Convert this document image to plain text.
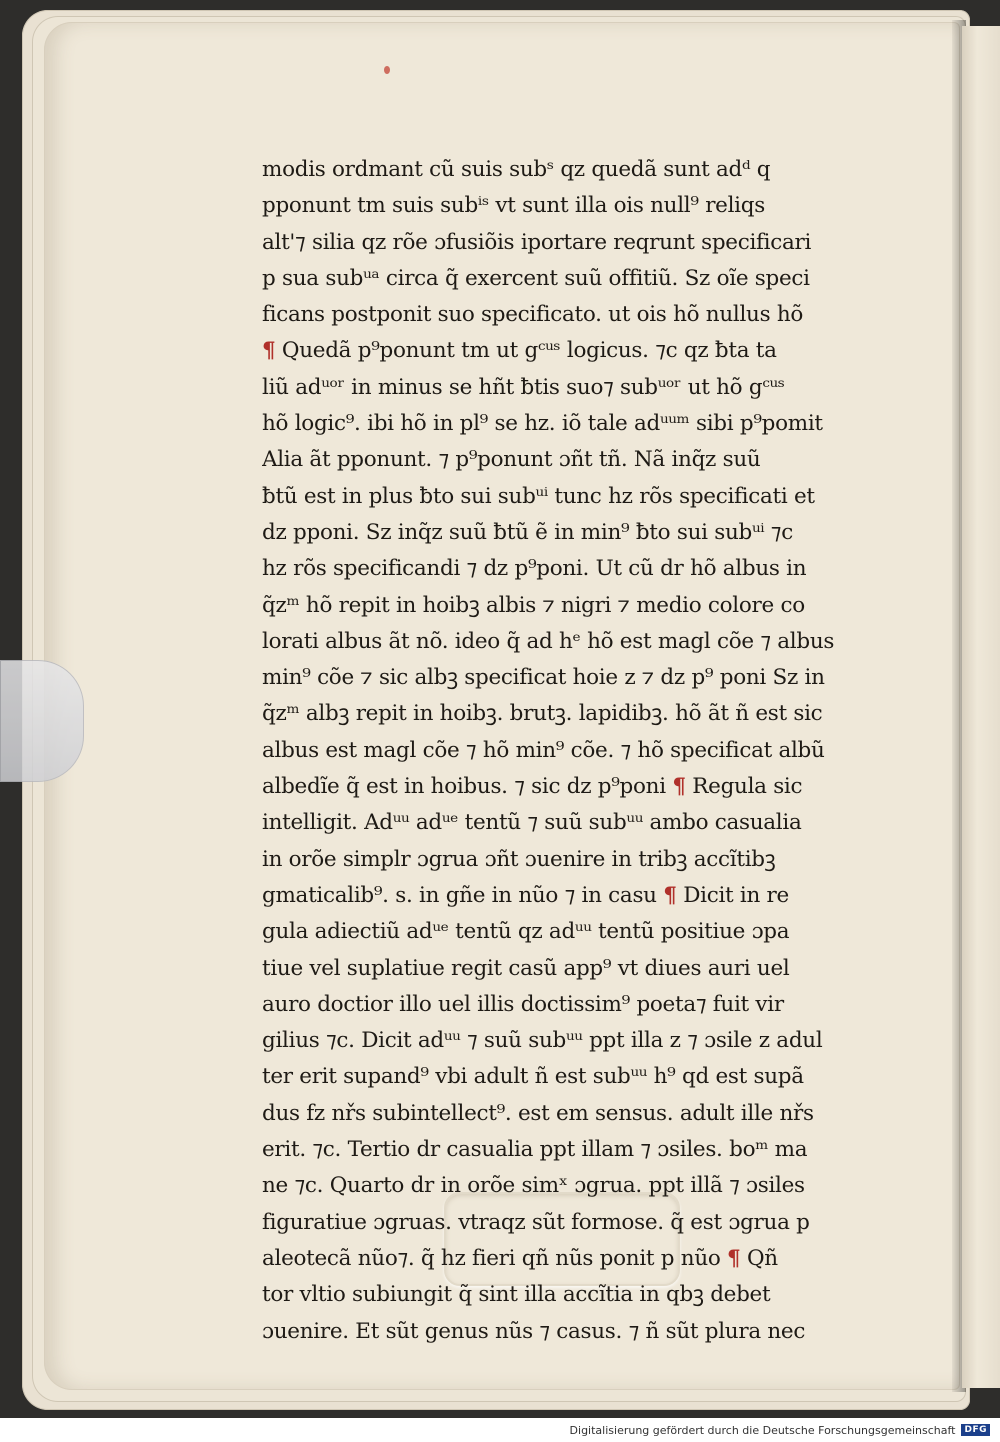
modis ordmant cũ suis subˢ qz quedã sunt adᵈ q
pponunt tm suis subⁱˢ vt sunt illa ois null⁹ reliqs
alt'⁊ silia qz rõe ɔfusiõis iportare reqrunt specificari
p sua subᵘᵃ circa q̃ exercent suũ offitiũ. Sz oĩe speci
ficans postponit suo specificato. ut ois hõ nullus hõ
¶ Quedã p⁹ponunt tm ut gᶜᵘˢ logicus. ⁊c qz ƀta ta
liũ adᵘᵒʳ in minus se hñt ƀtis suo⁊ subᵘᵒʳ ut hõ gᶜᵘˢ
hõ logic⁹. ibi hõ in pl⁹ se hz. iõ tale adᵘᵘᵐ sibi p⁹pomit
Alia ãt pponunt. ⁊ p⁹ponunt ɔñt tñ. Nã inq̃z suũ
ƀtũ est in plus ƀto sui subᵘⁱ tunc hz rõs specificati et
dz pponi. Sz inq̃z suũ ƀtũ ẽ in min⁹ ƀto sui subᵘⁱ ⁊c
hz rõs specificandi ⁊ dz p⁹poni. Ut cũ dr hõ albus in
q̃zᵐ hõ repit in hoibꝫ albis ⁊ nigri ⁊ medio colore co
lorati albus ãt nõ. ideo q̃ ad hᵉ hõ est magl cõe ⁊ albus
min⁹ cõe ⁊ sic albꝫ specificat hoie z ⁊ dz p⁹ poni Sz in
q̃zᵐ albꝫ repit in hoibꝫ. brutꝫ. lapidibꝫ. hõ ãt ñ est sic
albus est magl cõe ⁊ hõ min⁹ cõe. ⁊ hõ specificat albũ
albedĩe q̃ est in hoibus. ⁊ sic dz p⁹poni ¶ Regula sic
intelligit. Adᵘᵘ adᵘᵉ tentũ ⁊ suũ subᵘᵘ ambo casualia
in orõe simplr ɔgrua ɔñt ɔuenire in tribꝫ accĩtibꝫ
gmaticalib⁹. s. in gñe in nũo ⁊ in casu ¶ Dicit in re
gula adiectiũ adᵘᵉ tentũ qz adᵘᵘ tentũ positiue ɔpa
tiue vel suplatiue regit casũ app⁹ vt diues auri uel
auro doctior illo uel illis doctissim⁹ poeta⁊ fuit vir
gilius ⁊c. Dicit adᵘᵘ ⁊ suũ subᵘᵘ ppt illa z ⁊ ɔsile z adul
ter erit supand⁹ vbi adult ñ est subᵘᵘ h⁹ qd est supã
dus fz nřs subintellect⁹. est em sensus. adult ille nřs
erit. ⁊c. Tertio dr casualia ppt illam ⁊ ɔsiles. boᵐ ma
ne ⁊c. Quarto dr in orõe simˣ ɔgrua. ppt illã ⁊ ɔsiles
figuratiue ɔgruas. vtraqz sũt formose. q̃ est ɔgrua p
aleotecã nũo⁊. q̃ hz fieri qñ nũs ponit p nũo ¶ Qñ
tor vltio subiungit q̃ sint illa accĩtia in qbꝫ debet
ɔuenire. Et sũt genus nũs ⁊ casus. ⁊ ñ sũt plura nec
Digitalisierung gefördert durch die Deutsche Forschungsgemeinschaft	DFG
